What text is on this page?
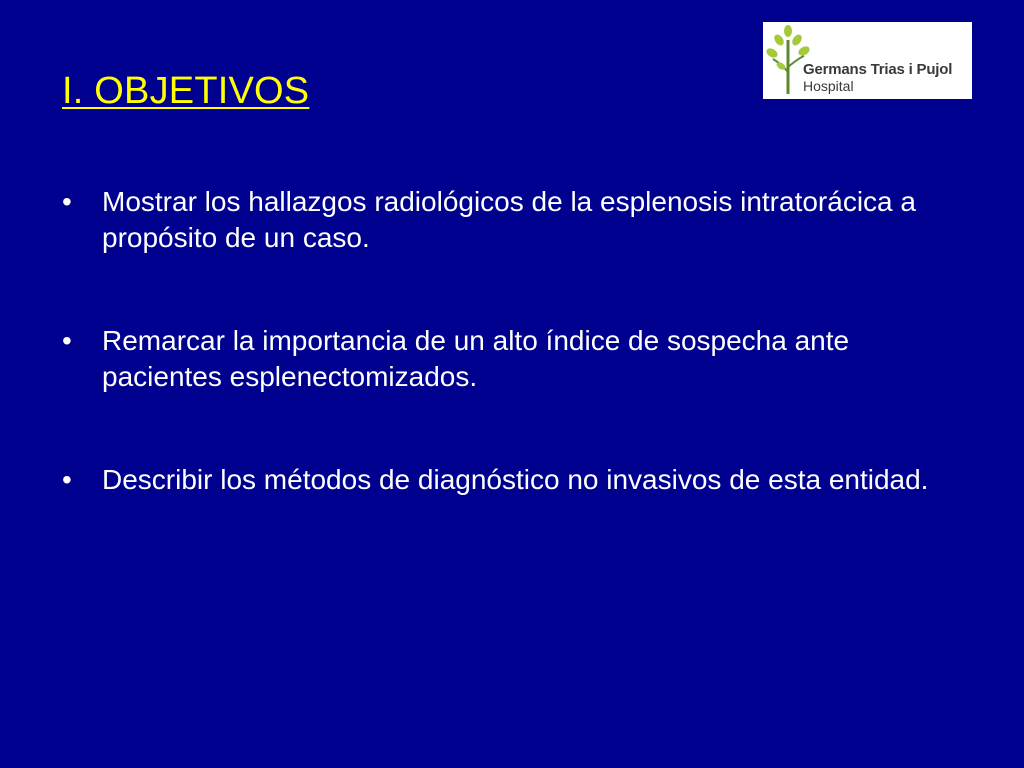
I. OBJETIVOS
Germans Trias i Pujol
Hospital
•	Mostrar los hallazgos radiológicos de la esplenosis intratorácica a propósito de un caso.
•	Remarcar la importancia de un alto índice de sospecha ante pacientes esplenectomizados.
•	Describir los métodos de diagnóstico no invasivos de esta entidad.
